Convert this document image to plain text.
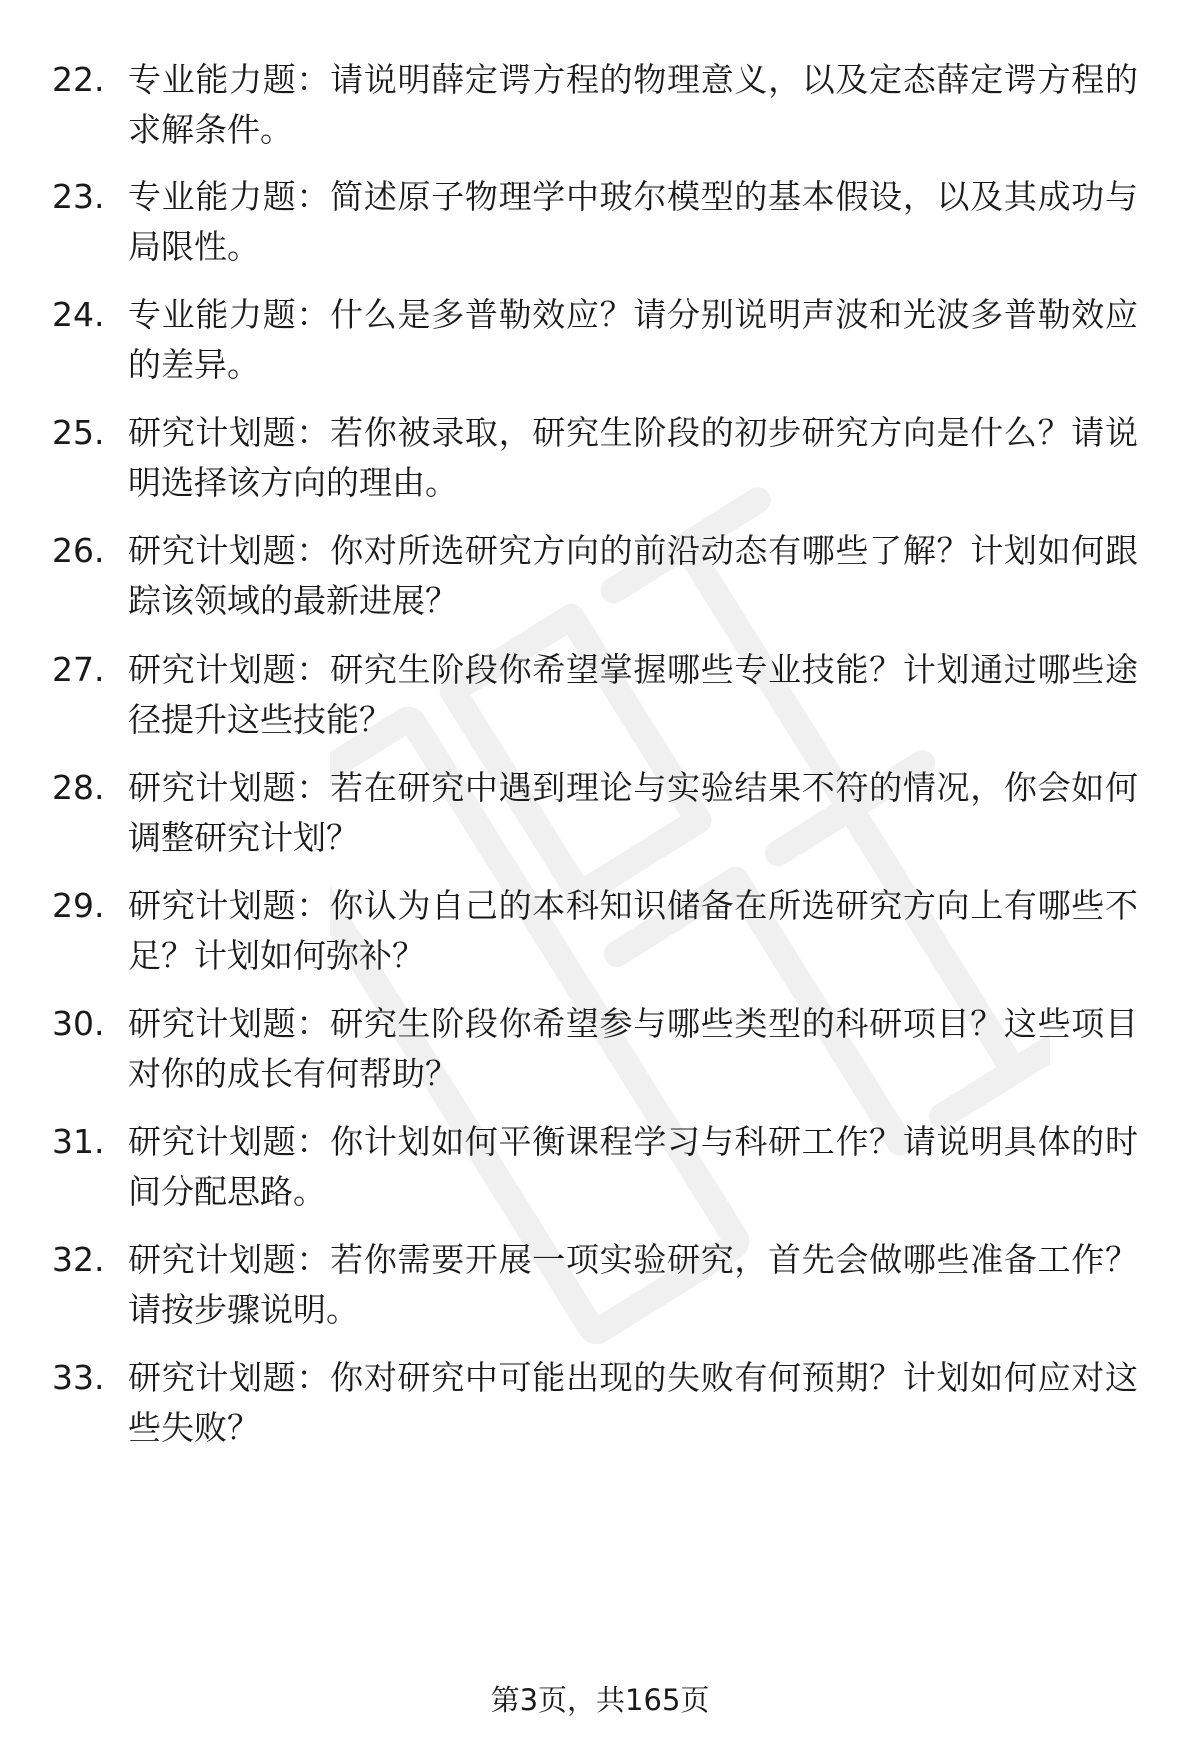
22. 专业能力题：请说明薛定谔方程的物理意义，以及定态薛定谔方程的求解条件。
23. 专业能力题：简述原子物理学中玻尔模型的基本假设，以及其成功与局限性。
24. 专业能力题：什么是多普勒效应？请分别说明声波和光波多普勒效应的差异。
25. 研究计划题：若你被录取，研究生阶段的初步研究方向是什么？请说明选择该方向的理由。
26. 研究计划题：你对所选研究方向的前沿动态有哪些了解？计划如何跟踪该领域的最新进展？
27. 研究计划题：研究生阶段你希望掌握哪些专业技能？计划通过哪些途径提升这些技能？
28. 研究计划题：若在研究中遇到理论与实验结果不符的情况，你会如何调整研究计划？
29. 研究计划题：你认为自己的本科知识储备在所选研究方向上有哪些不足？计划如何弥补？
30. 研究计划题：研究生阶段你希望参与哪些类型的科研项目？这些项目对你的成长有何帮助？
31. 研究计划题：你计划如何平衡课程学习与科研工作？请说明具体的时间分配思路。
32. 研究计划题：若你需要开展一项实验研究，首先会做哪些准备工作？请按步骤说明。
33. 研究计划题：你对研究中可能出现的失败有何预期？计划如何应对这些失败？
第3页，共165页
